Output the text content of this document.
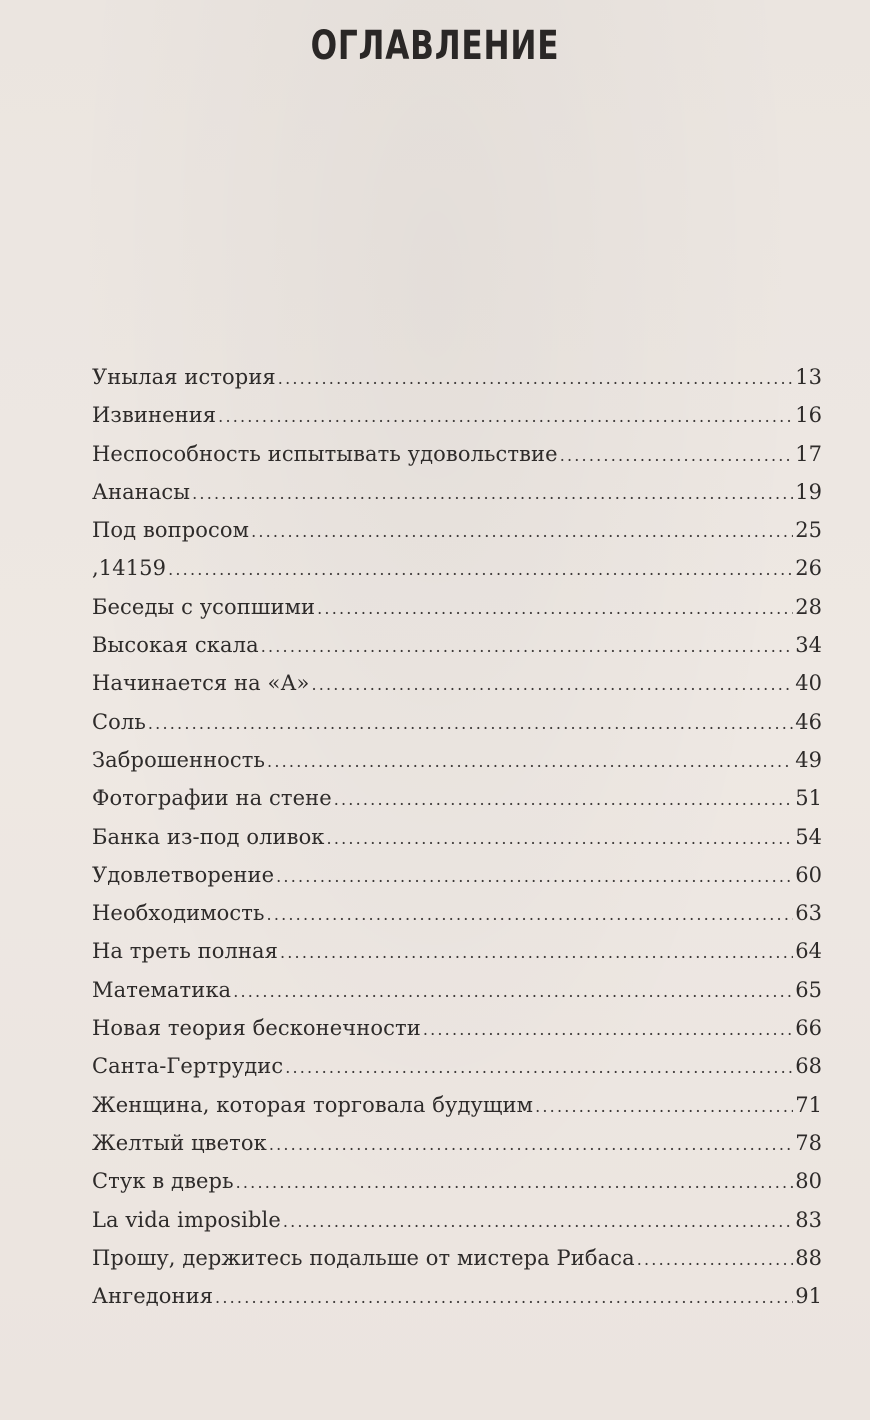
ОГЛАВЛЕНИЕ
Унылая история .....	13
Извинения .....	16
Неспособность испытывать удовольствие .....	17
Ананасы .....	19
Под вопросом .....	25
,14159 .....	26
Беседы с усопшими .....	28
Высокая скала .....	34
Начинается на «А» .....	40
Соль .....	46
Заброшенность .....	49
Фотографии на стене .....	51
Банка из-под оливок .....	54
Удовлетворение .....	60
Необходимость .....	63
На треть полная .....	64
Математика .....	65
Новая теория бесконечности .....	66
Санта-Гертрудис .....	68
Женщина, которая торговала будущим .....	71
Желтый цветок .....	78
Стук в дверь .....	80
La vida imposible .....	83
Прошу, держитесь подальше от мистера Рибаса .....	88
Ангедония .....	91
